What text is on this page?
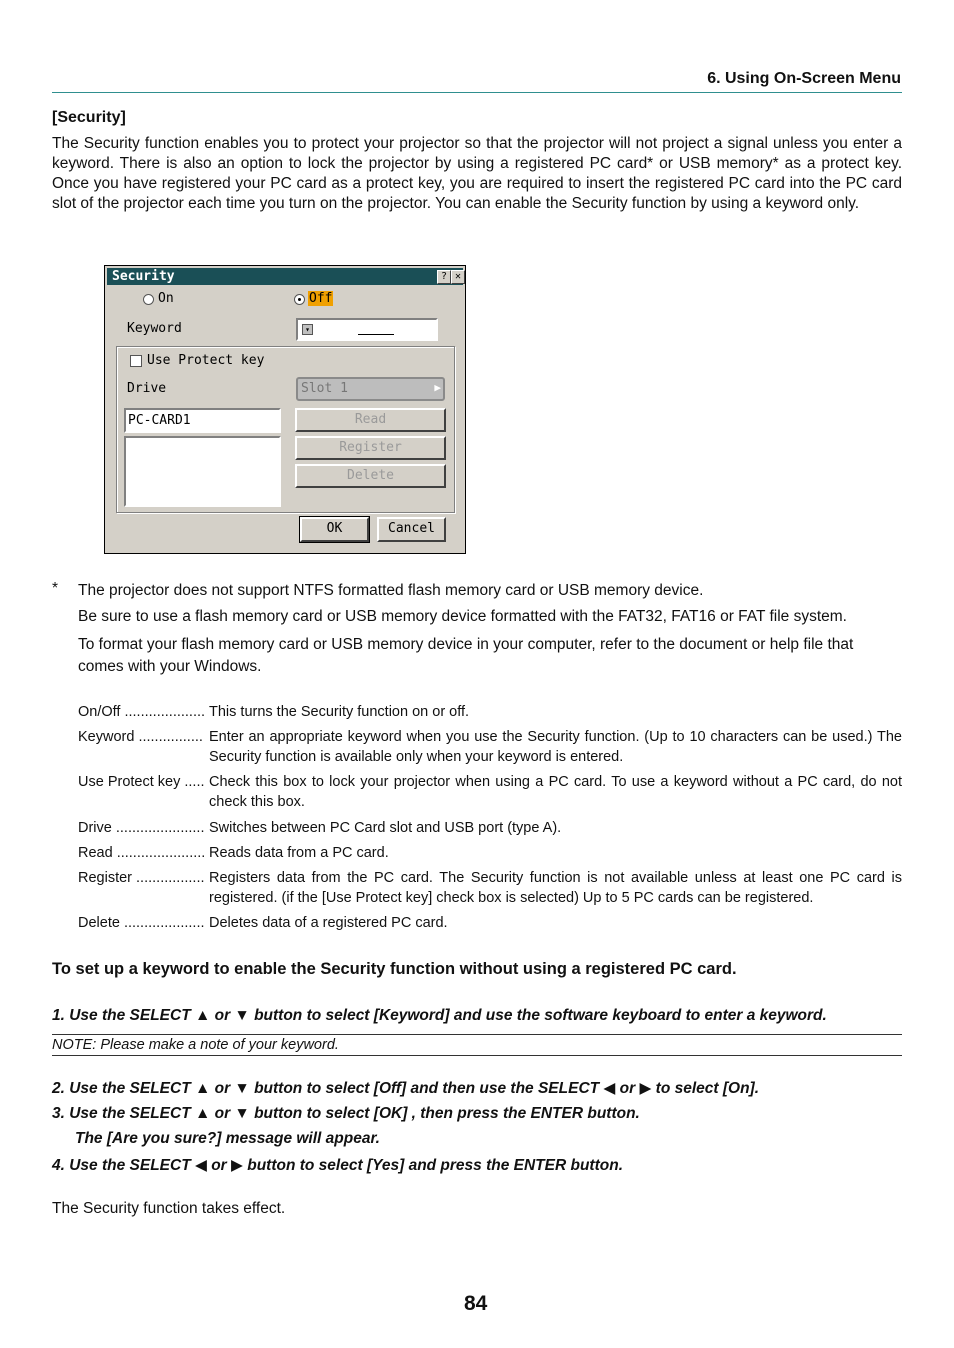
6. Using On-Screen Menu
[Security]
The Security function enables you to protect your projector so that the projector will not project a signal unless you enter a keyword. There is also an option to lock the projector by using a registered PC card* or USB memory* as a protect key. Once you have registered your PC card as a protect key, you are required to insert the registered PC card into the PC card slot of the projector each time you turn on the projector. You can enable the Security function by using a keyword only.
Security	? ✕
On	Off
Keyword	▾
Use Protect key
Drive	Slot 1	▶
PC-CARD1	Read
Register
Delete
OK	Cancel
* The projector does not support NTFS formatted flash memory card or USB memory device.

Be sure to use a flash memory card or USB memory device formatted with the FAT32, FAT16 or FAT file system.

To format your flash memory card or USB memory device in your computer, refer to the document or help file that comes with your Windows.

On/Off .................... This turns the Security function on or off.
Keyword ................ Enter an appropriate keyword when you use the Security function. (Up to 10 characters can be used.) The Security function is available only when your keyword is entered.
Use Protect key ..... Check this box to lock your projector when using a PC card. To use a keyword without a PC card, do not check this box.
Drive ...................... Switches between PC Card slot and USB port (type A).
Read ...................... Reads data from a PC card.
Register ................. Registers data from the PC card. The Security function is not available unless at least one PC card is registered. (if the [Use Protect key] check box is selected) Up to 5 PC cards can be registered.
Delete .................... Deletes data of a registered PC card.
To set up a keyword to enable the Security function without using a registered PC card.
1. Use the SELECT ▲ or ▼ button to select [Keyword] and use the software keyboard to enter a keyword.
NOTE: Please make a note of your keyword.
2. Use the SELECT ▲ or ▼ button to select [Off] and then use the SELECT ◀ or ▶ to select [On].
3. Use the SELECT ▲ or ▼ button to select [OK] , then press the ENTER button.
The [Are you sure?] message will appear.
4. Use the SELECT ◀ or ▶ button to select [Yes] and press the ENTER button.
The Security function takes effect.
84
